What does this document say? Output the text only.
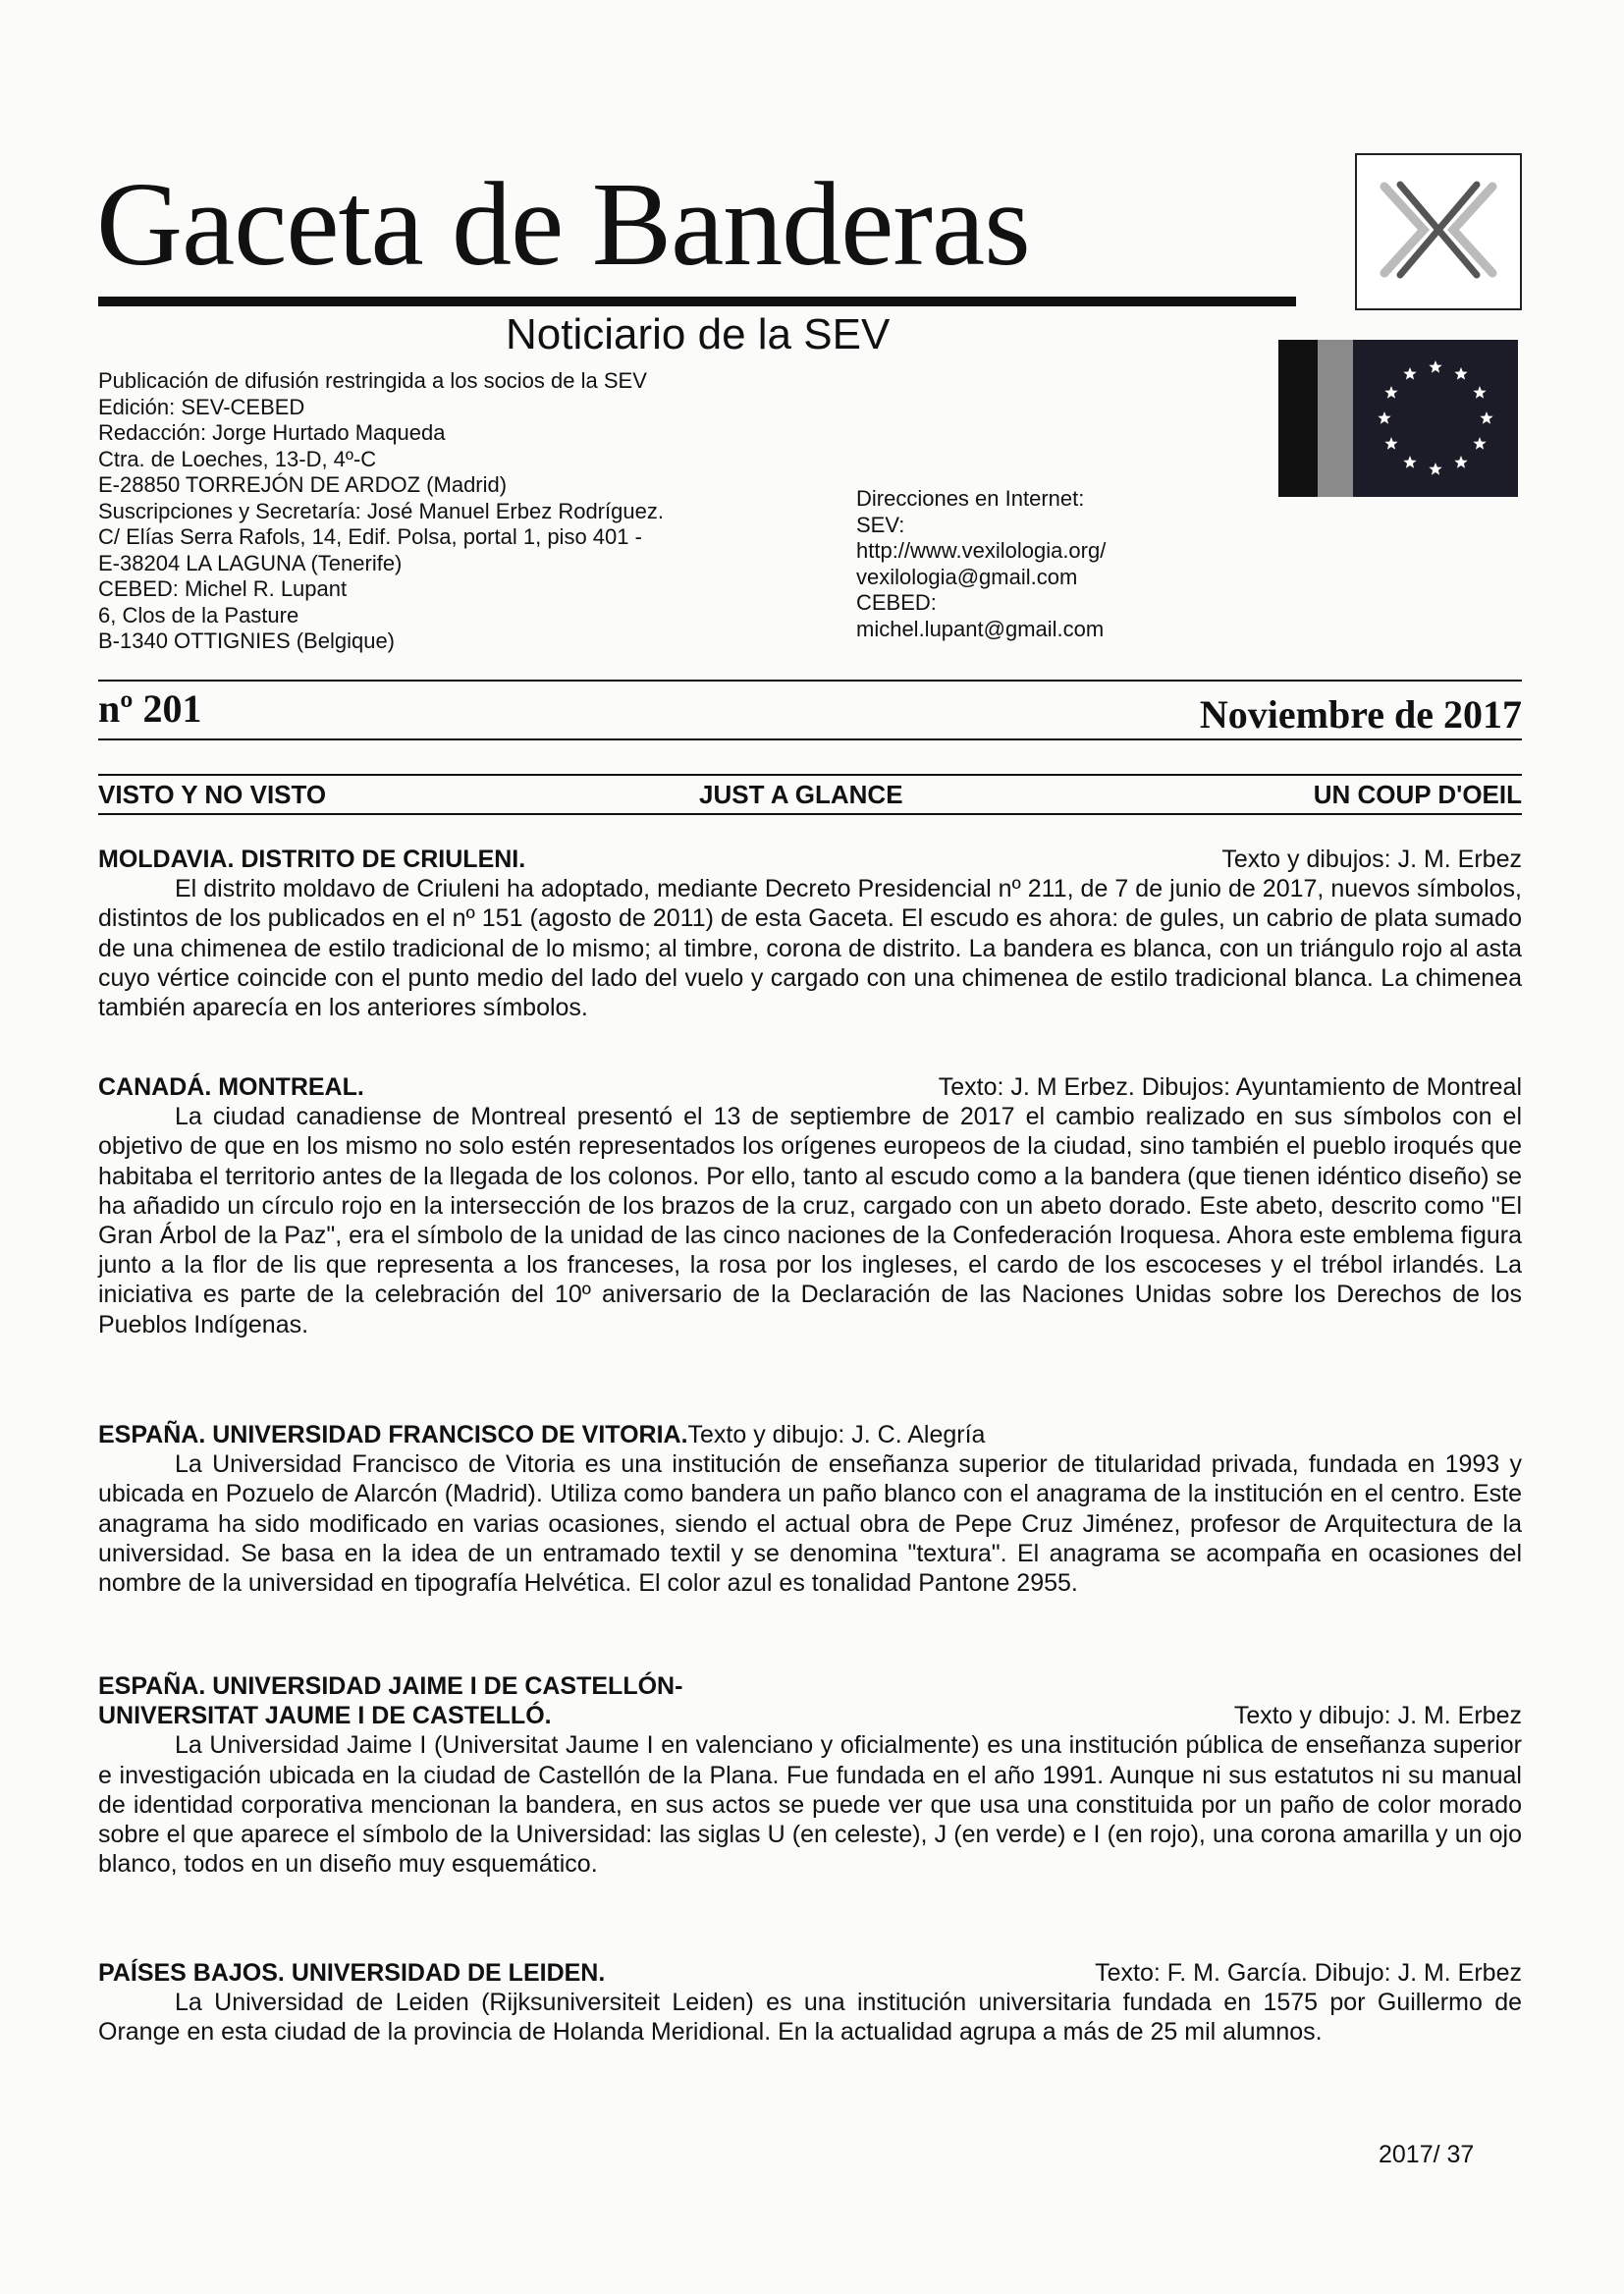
Gaceta de Banderas
Noticiario de la SEV
Publicación de difusión restringida a los socios de la SEV
Edición: SEV-CEBED
Redacción: Jorge Hurtado Maqueda
Ctra. de Loeches, 13-D, 4º-C
E-28850 TORREJÓN DE ARDOZ (Madrid)
Suscripciones y Secretaría: José Manuel Erbez Rodríguez.
C/ Elías Serra Rafols, 14, Edif. Polsa, portal 1, piso 401 -
E-38204 LA LAGUNA (Tenerife)
CEBED: Michel R. Lupant
6, Clos de la Pasture
B-1340 OTTIGNIES (Belgique)
Direcciones en Internet:
SEV:
http://www.vexilologia.org/
vexilologia@gmail.com
CEBED:
michel.lupant@gmail.com
nº 201	Noviembre de 2017
VISTO Y NO VISTO	JUST A GLANCE	UN COUP D'OEIL
MOLDAVIA. DISTRITO DE CRIULENI.	Texto y dibujos: J. M. Erbez

El distrito moldavo de Criuleni ha adoptado, mediante Decreto Presidencial nº 211, de 7 de junio de 2017, nuevos símbolos, distintos de los publicados en el nº 151 (agosto de 2011) de esta Gaceta. El escudo es ahora: de gules, un cabrio de plata sumado de una chimenea de estilo tradicional de lo mismo; al timbre, corona de distrito. La bandera es blanca, con un triángulo rojo al asta cuyo vértice coincide con el punto medio del lado del vuelo y cargado con una chimenea de estilo tradicional blanca. La chimenea también aparecía en los anteriores símbolos.

CANADÁ. MONTREAL.	Texto: J. M Erbez. Dibujos: Ayuntamiento de Montreal

La ciudad canadiense de Montreal presentó el 13 de septiembre de 2017 el cambio realizado en sus símbolos con el objetivo de que en los mismo no solo estén representados los orígenes europeos de la ciudad, sino también el pueblo iroqués que habitaba el territorio antes de la llegada de los colonos. Por ello, tanto al escudo como a la bandera (que tienen idéntico diseño) se ha añadido un círculo rojo en la intersección de los brazos de la cruz, cargado con un abeto dorado. Este abeto, descrito como "El Gran Árbol de la Paz", era el símbolo de la unidad de las cinco naciones de la Confederación Iroquesa. Ahora este emblema figura junto a la flor de lis que representa a los franceses, la rosa por los ingleses, el cardo de los escoceses y el trébol irlandés. La iniciativa es parte de la celebración del 10º aniversario de la Declaración de las Naciones Unidas sobre los Derechos de los Pueblos Indígenas.

ESPAÑA. UNIVERSIDAD FRANCISCO DE VITORIA.Texto y dibujo: J. C. Alegría

La Universidad Francisco de Vitoria es una institución de enseñanza superior de titularidad privada, fundada en 1993 y ubicada en Pozuelo de Alarcón (Madrid). Utiliza como bandera un paño blanco con el anagrama de la institución en el centro. Este anagrama ha sido modificado en varias ocasiones, siendo el actual obra de Pepe Cruz Jiménez, profesor de Arquitectura de la universidad. Se basa en la idea de un entramado textil y se denomina "textura". El anagrama se acompaña en ocasiones del nombre de la universidad en tipografía Helvética. El color azul es tonalidad Pantone 2955.

ESPAÑA. UNIVERSIDAD JAIME I DE CASTELLÓN-
UNIVERSITAT JAUME I DE CASTELLÓ.	Texto y dibujo: J. M. Erbez

La Universidad Jaime I (Universitat Jaume I en valenciano y oficialmente) es una institución pública de enseñanza superior e investigación ubicada en la ciudad de Castellón de la Plana. Fue fundada en el año 1991. Aunque ni sus estatutos ni su manual de identidad corporativa mencionan la bandera, en sus actos se puede ver que usa una constituida por un paño de color morado sobre el que aparece el símbolo de la Universidad: las siglas U (en celeste), J (en verde) e I (en rojo), una corona amarilla y un ojo blanco, todos en un diseño muy esquemático.

PAÍSES BAJOS. UNIVERSIDAD DE LEIDEN.	Texto: F. M. García. Dibujo: J. M. Erbez

La Universidad de Leiden (Rijksuniversiteit Leiden) es una institución universitaria fundada en 1575 por Guillermo de Orange en esta ciudad de la provincia de Holanda Meridional. En la actualidad agrupa a más de 25 mil alumnos.

2017/ 37
